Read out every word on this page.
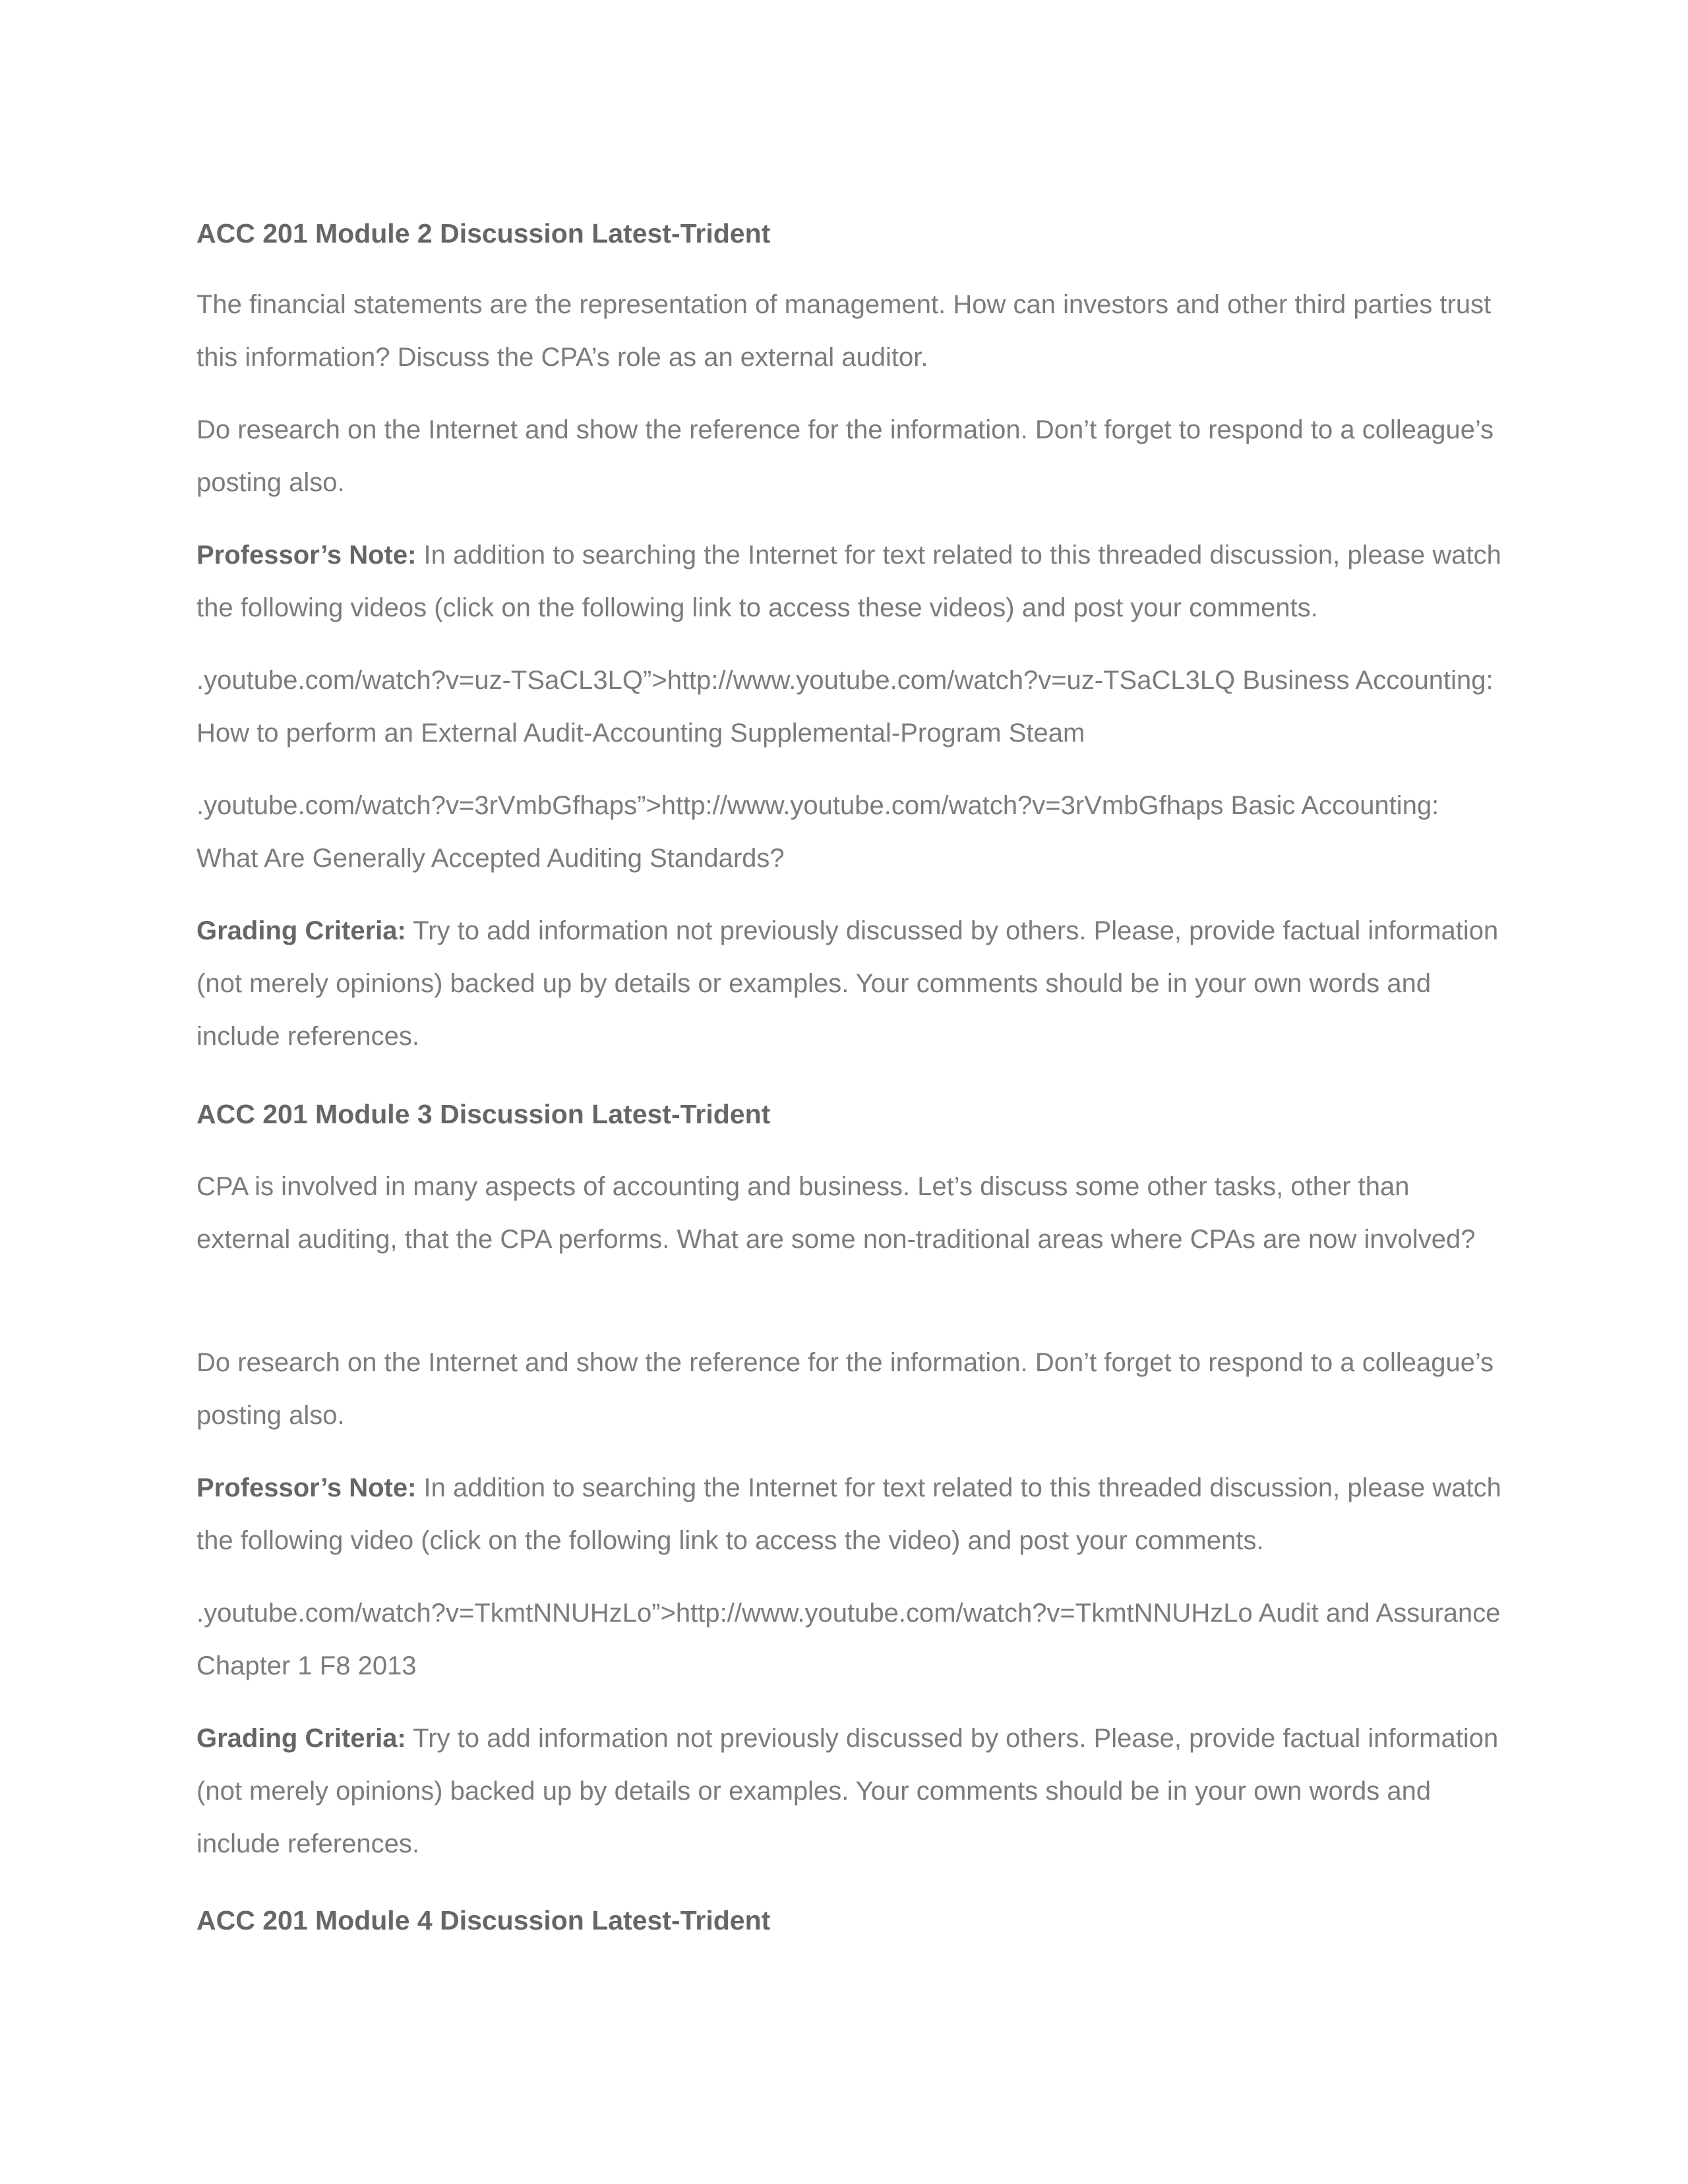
ACC 201 Module 2 Discussion Latest-Trident
The financial statements are the representation of management. How can investors and other third parties trust this information? Discuss the CPA’s role as an external auditor.
Do research on the Internet and show the reference for the information. Don’t forget to respond to a colleague’s posting also.
Professor’s Note: In addition to searching the Internet for text related to this threaded discussion, please watch the following videos (click on the following link to access these videos) and post your comments.
.youtube.com/watch?v=uz-TSaCL3LQ”>http://www.youtube.com/watch?v=uz-TSaCL3LQ Business Accounting: How to perform an External Audit-Accounting Supplemental-Program Steam
.youtube.com/watch?v=3rVmbGfhaps”>http://www.youtube.com/watch?v=3rVmbGfhaps Basic Accounting: What Are Generally Accepted Auditing Standards?
Grading Criteria: Try to add information not previously discussed by others. Please, provide factual information (not merely opinions) backed up by details or examples. Your comments should be in your own words and include references.
ACC 201 Module 3 Discussion Latest-Trident
CPA is involved in many aspects of accounting and business. Let’s discuss some other tasks, other than external auditing, that the CPA performs. What are some non-traditional areas where CPAs are now involved?
Do research on the Internet and show the reference for the information. Don’t forget to respond to a colleague’s posting also.
Professor’s Note: In addition to searching the Internet for text related to this threaded discussion, please watch the following video (click on the following link to access the video) and post your comments.
.youtube.com/watch?v=TkmtNNUHzLo”>http://www.youtube.com/watch?v=TkmtNNUHzLo Audit and Assurance Chapter 1 F8 2013
Grading Criteria: Try to add information not previously discussed by others. Please, provide factual information (not merely opinions) backed up by details or examples. Your comments should be in your own words and include references.
ACC 201 Module 4 Discussion Latest-Trident
